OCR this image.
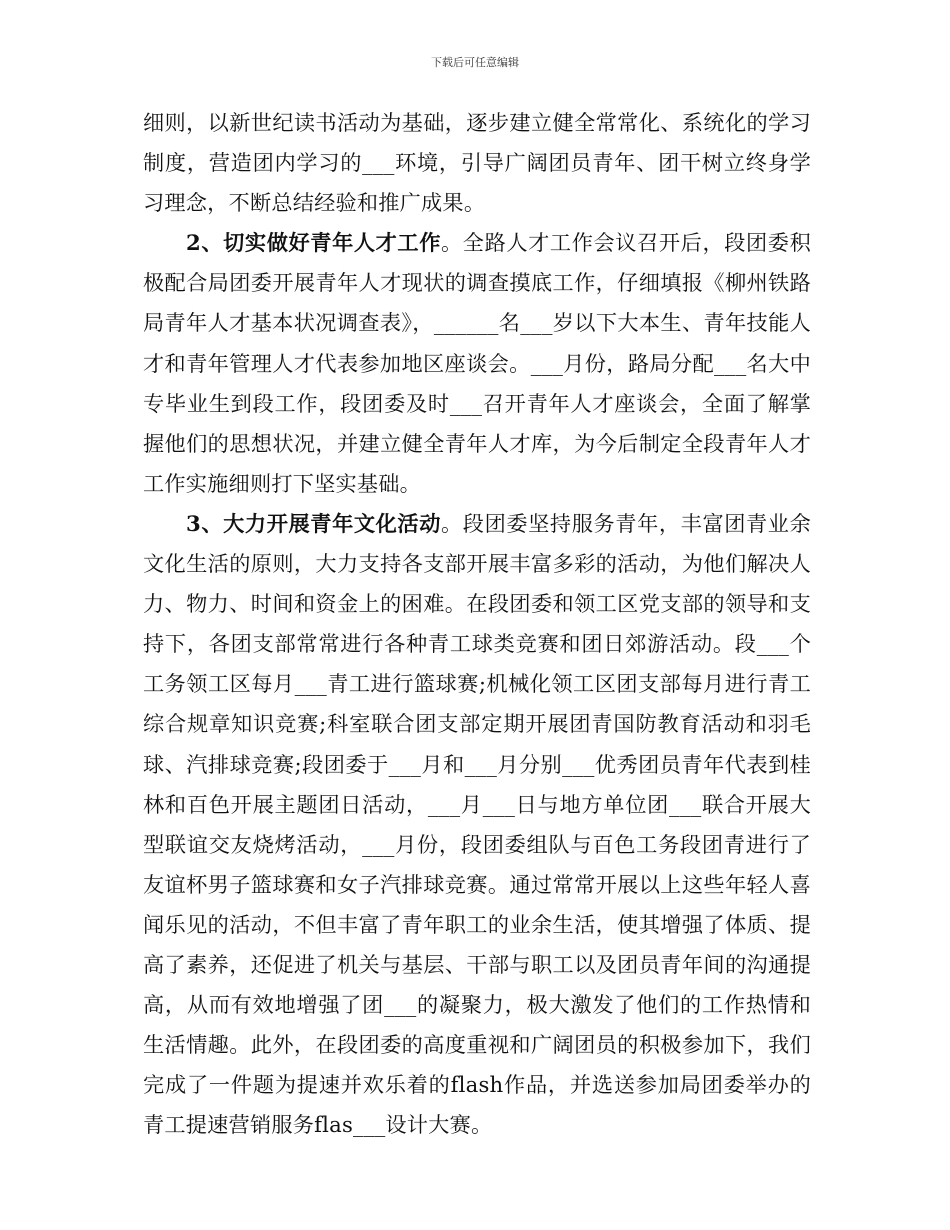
下载后可任意编辑

细则，以新世纪读书活动为基础，逐步建立健全常常化、系统化的学习制度，营造团内学习的___环境，引导广阔团员青年、团干树立终身学习理念，不断总结经验和推广成果。

2、切实做好青年人才工作。全路人才工作会议召开后，段团委积极配合局团委开展青年人才现状的调查摸底工作，仔细填报《柳州铁路局青年人才基本状况调查表》，______名___岁以下大本生、青年技能人才和青年管理人才代表参加地区座谈会。___月份，路局分配___名大中专毕业生到段工作，段团委及时___召开青年人才座谈会，全面了解掌握他们的思想状况，并建立健全青年人才库，为今后制定全段青年人才工作实施细则打下坚实基础。

3、大力开展青年文化活动。段团委坚持服务青年，丰富团青业余文化生活的原则，大力支持各支部开展丰富多彩的活动，为他们解决人力、物力、时间和资金上的困难。在段团委和领工区党支部的领导和支持下，各团支部常常进行各种青工球类竞赛和团日郊游活动。段___个工务领工区每月___青工进行篮球赛;机械化领工区团支部每月进行青工综合规章知识竞赛;科室联合团支部定期开展团青国防教育活动和羽毛球、汽排球竞赛;段团委于___月和___月分别___优秀团员青年代表到桂林和百色开展主题团日活动，___月___日与地方单位团___联合开展大型联谊交友烧烤活动，___月份，段团委组队与百色工务段团青进行了友谊杯男子篮球赛和女子汽排球竞赛。通过常常开展以上这些年轻人喜闻乐见的活动，不但丰富了青年职工的业余生活，使其增强了体质、提高了素养，还促进了机关与基层、干部与职工以及团员青年间的沟通提高，从而有效地增强了团___的凝聚力，极大激发了他们的工作热情和生活情趣。此外，在段团委的高度重视和广阔团员的积极参加下，我们完成了一件题为提速并欢乐着的flash作品，并选送参加局团委举办的青工提速营销服务flas___设计大赛。
